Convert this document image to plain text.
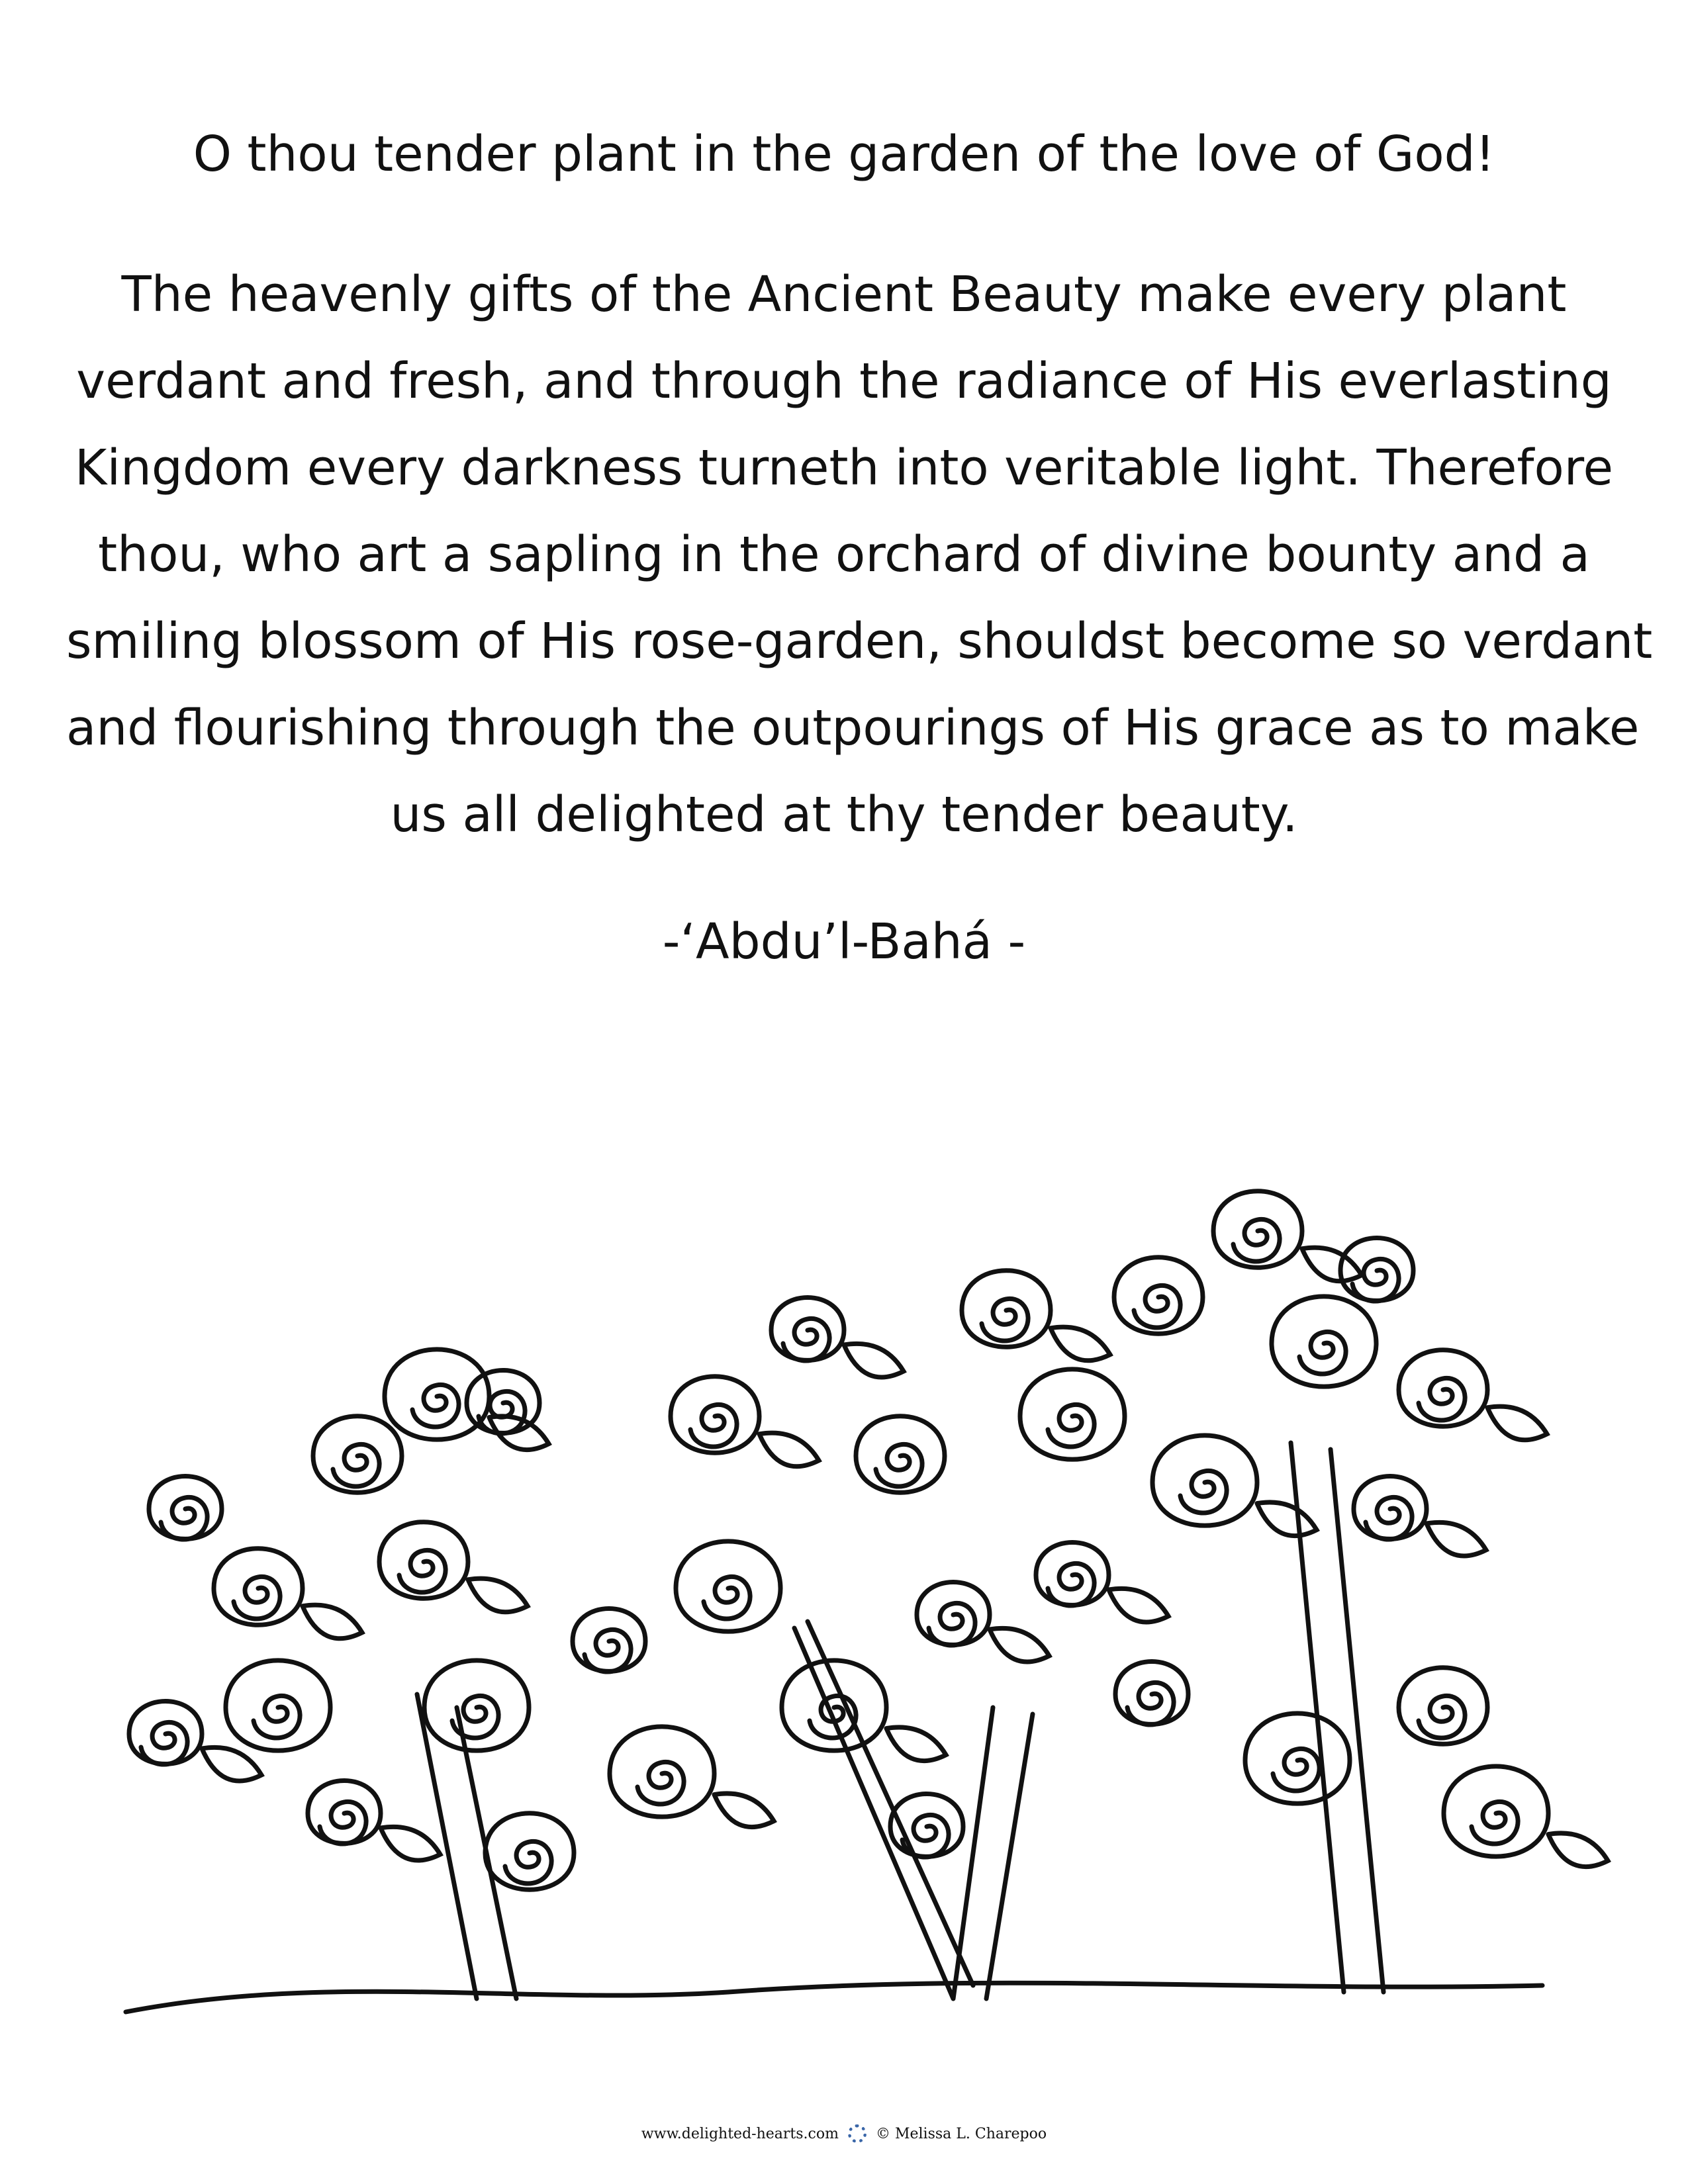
O thou tender plant in the garden of the love of God!
The heavenly gifts of the Ancient Beauty make every plant
verdant and fresh, and through the radiance of His everlasting
Kingdom every darkness turneth into veritable light. Therefore
thou, who art a sapling in the orchard of divine bounty and a
smiling blossom of His rose-garden, shouldst become so verdant
and flourishing through the outpourings of His grace as to make
us all delighted at thy tender beauty.
-‘Abdu’l-Bahá -
www.delighted-hearts.com	© Melissa L. Charepoo
